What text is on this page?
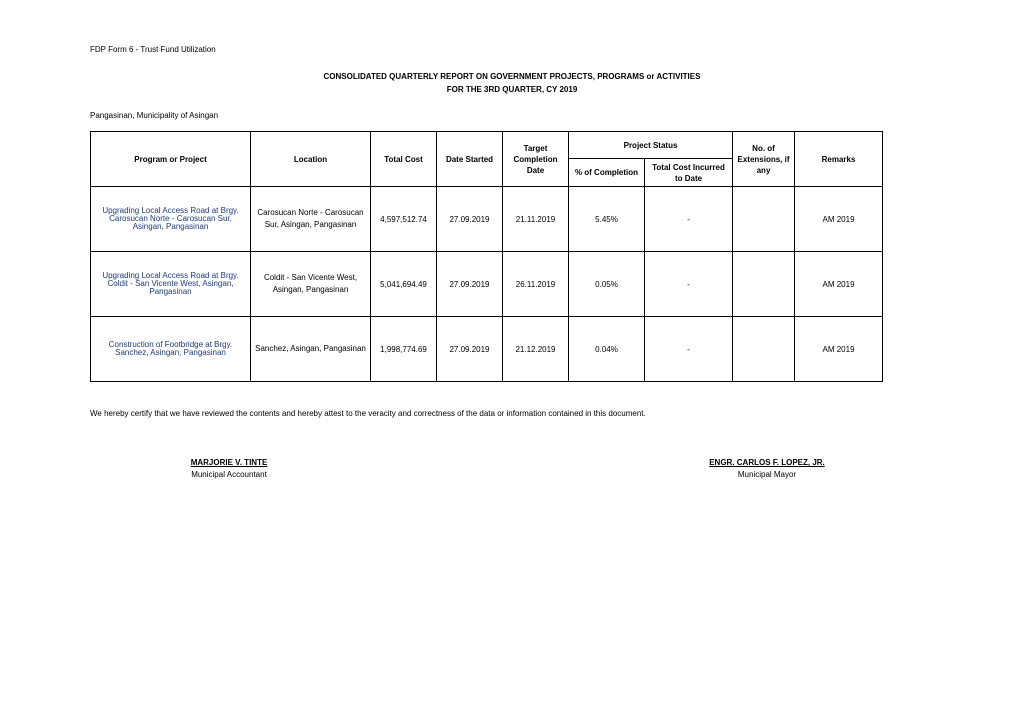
FDP Form 6 - Trust Fund Utilization
CONSOLIDATED QUARTERLY REPORT ON GOVERNMENT PROJECTS, PROGRAMS or ACTIVITIES
FOR THE 3RD QUARTER, CY 2019
Pangasinan, Municipality of Asingan
Program or Project	Location	Total Cost	Date Started	Target Completion Date	Project Status		No. of Extensions, if any	Remarks
					% of Completion	Total Cost Incurred to Date		
Upgrading Local Access Road at Brgy. Carosucan Norte - Carosucan Sur, Asingan, Pangasinan	Carosucan Norte - Carosucan Sur, Asingan, Pangasinan	4,597,512.74	27.09.2019	21.11.2019	5.45%	-		AM 2019
Upgrading Local Access Road at Brgy. Coldit - San Vicente West, Asingan, Pangasinan	Coldit - San Vicente West, Asingan, Pangasinan	5,041,694.49	27.09.2019	26.11.2019	0.05%	-		AM 2019
Construction of Footbridge at Brgy. Sanchez, Asingan, Pangasinan	Sanchez, Asingan, Pangasinan	1,998,774.69	27.09.2019	21.12.2019	0.04%	-		AM 2019
We hereby certify that we have reviewed the contents and hereby attest to the veracity and correctness of the data or information contained in this document.
MARJORIE V. TINTE
Municipal Accountant
ENGR. CARLOS F. LOPEZ, JR.
Municipal Mayor
